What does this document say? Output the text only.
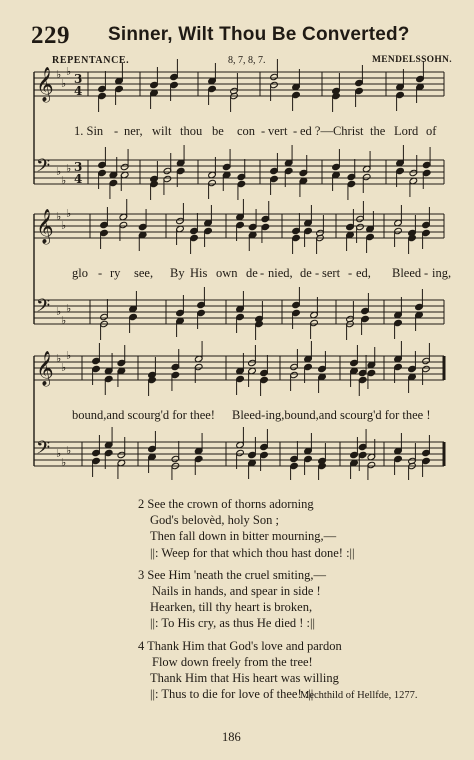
229 Sinner, Wilt Thou Be Converted?
REPENTANCE.	8, 7, 8, 7.	MENDELSSOHN.
𝄞 ♭
♭
♭
3
4
𝄢 ♭
♭
♭ 3
4
𝄞 ♭
♭
♭
𝄢 ♭
♭
♭
𝄞 ♭
♭
♭
𝄢 ♭
♭
♭
1. Sin - ner, wilt thou be con - vert - ed ?—Christ the Lord of
glo - ry see, By His own de - nied, de - sert - ed, Bleed - ing,
bound,and scourg'd for thee! Bleed-ing,bound,and scourg'd for thee !
2 See the crown of thorns adorning
God's belovèd, holy Son ;
Then fall down in bitter mourning,—
||: Weep for that which thou hast done! :||
3 See Him 'neath the cruel smiting,—
Nails in hands, and spear in side !
Hearken, till thy heart is broken,
||: To His cry, as thus He died ! :||
4 Thank Him that God's love and pardon
Flow down freely from the tree!
Thank Him that His heart was willing
||: Thus to die for love of thee! :||
Mechthild of Hellfde, 1277.
186
